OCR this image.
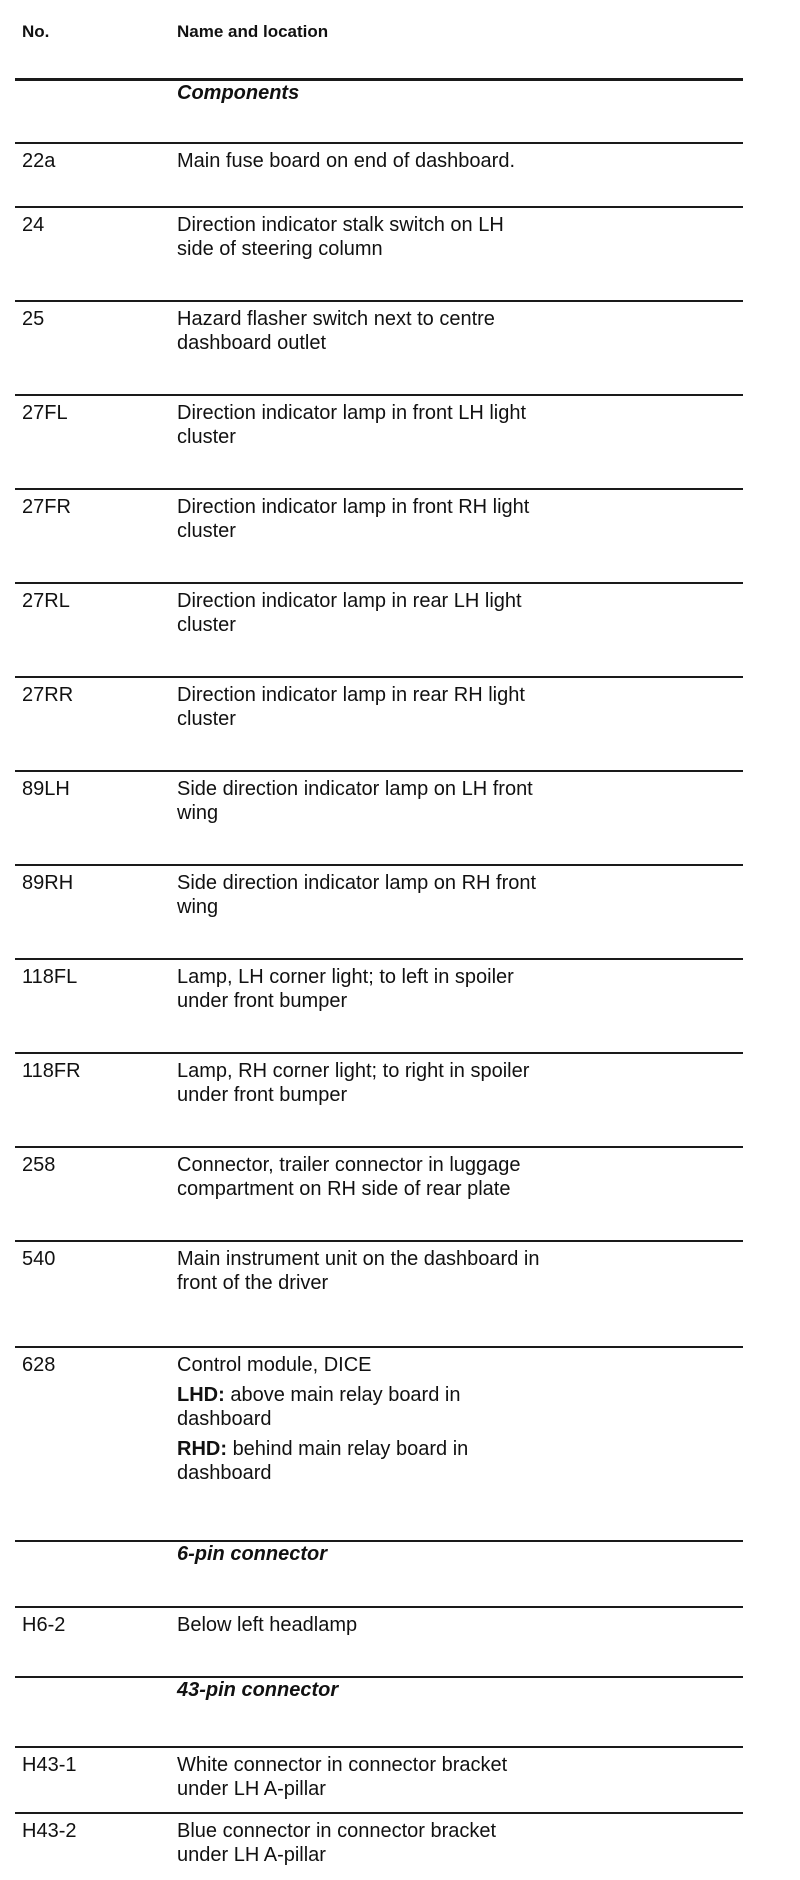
No.	Name and location
Components
22a	Main fuse board on end of dashboard.
24	Direction indicator stalk switch on LH
side of steering column
25	Hazard flasher switch next to centre
dashboard outlet
27FL	Direction indicator lamp in front LH light
cluster
27FR	Direction indicator lamp in front RH light
cluster
27RL	Direction indicator lamp in rear LH light
cluster
27RR	Direction indicator lamp in rear RH light
cluster
89LH	Side direction indicator lamp on LH front
wing
89RH	Side direction indicator lamp on RH front
wing
118FL	Lamp, LH corner light; to left in spoiler
under front bumper
118FR	Lamp, RH corner light; to right in spoiler
under front bumper
258	Connector, trailer connector in luggage
compartment on RH side of rear plate
540	Main instrument unit on the dashboard in
front of the driver
628	Control module, DICE
LHD: above main relay board in
dashboard
RHD: behind main relay board in
dashboard
6-pin connector
H6-2	Below left headlamp
43-pin connector
H43-1	White connector in connector bracket
under LH A-pillar
H43-2	Blue connector in connector bracket
under LH A-pillar
